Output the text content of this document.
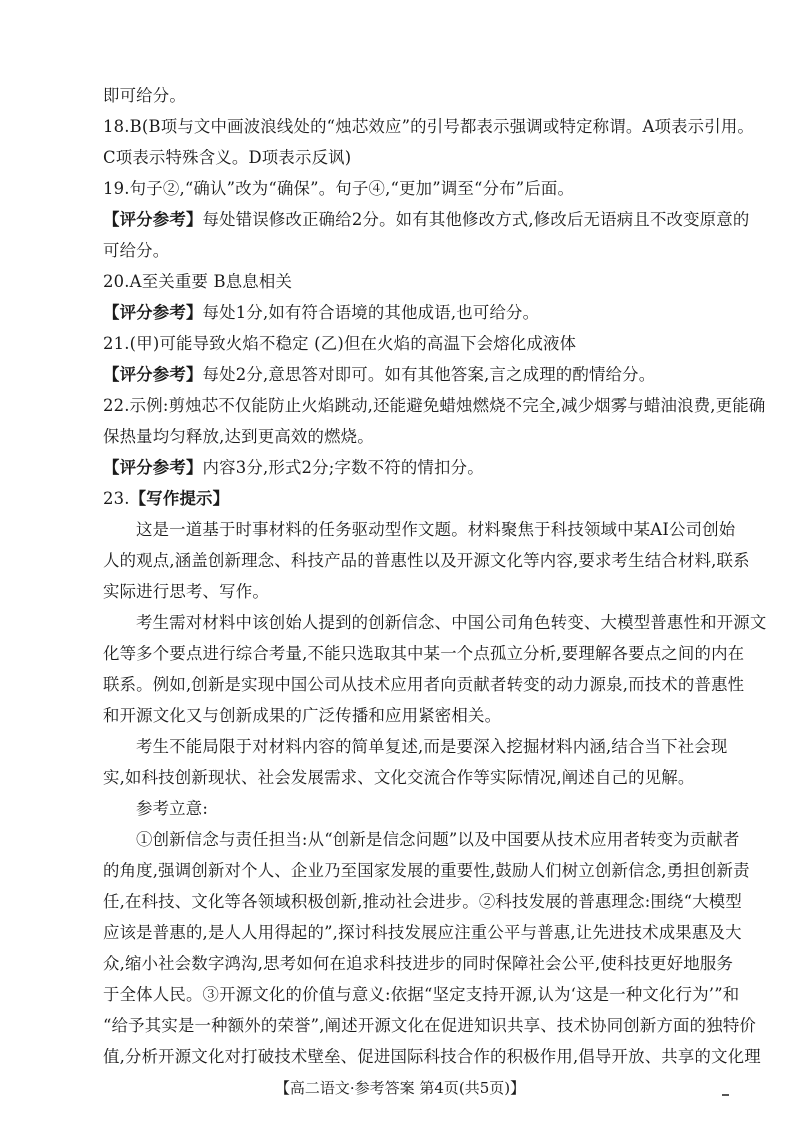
即可给分。
18.B(B项与文中画波浪线处的“烛芯效应”的引号都表示强调或特定称谓。A项表示引用。
C项表示特殊含义。D项表示反讽)
19.句子②,“确认”改为“确保”。句子④,“更加”调至“分布”后面。
【评分参考】每处错误修改正确给2分。如有其他修改方式,修改后无语病且不改变原意的
可给分。
20.A至关重要 B息息相关
【评分参考】每处1分,如有符合语境的其他成语,也可给分。
21.(甲)可能导致火焰不稳定 (乙)但在火焰的高温下会熔化成液体
【评分参考】每处2分,意思答对即可。如有其他答案,言之成理的酌情给分。
22.示例:剪烛芯不仅能防止火焰跳动,还能避免蜡烛燃烧不完全,减少烟雾与蜡油浪费,更能确
保热量均匀释放,达到更高效的燃烧。
【评分参考】内容3分,形式2分;字数不符的情扣分。
23.【写作提示】
这是一道基于时事材料的任务驱动型作文题。材料聚焦于科技领域中某AI公司创始
人的观点,涵盖创新理念、科技产品的普惠性以及开源文化等内容,要求考生结合材料,联系
实际进行思考、写作。
考生需对材料中该创始人提到的创新信念、中国公司角色转变、大模型普惠性和开源文
化等多个要点进行综合考量,不能只选取其中某一个点孤立分析,要理解各要点之间的内在
联系。例如,创新是实现中国公司从技术应用者向贡献者转变的动力源泉,而技术的普惠性
和开源文化又与创新成果的广泛传播和应用紧密相关。
考生不能局限于对材料内容的简单复述,而是要深入挖掘材料内涵,结合当下社会现
实,如科技创新现状、社会发展需求、文化交流合作等实际情况,阐述自己的见解。
参考立意:
①创新信念与责任担当:从“创新是信念问题”以及中国要从技术应用者转变为贡献者
的角度,强调创新对个人、企业乃至国家发展的重要性,鼓励人们树立创新信念,勇担创新责
任,在科技、文化等各领域积极创新,推动社会进步。②科技发展的普惠理念:围绕“大模型
应该是普惠的,是人人用得起的”,探讨科技发展应注重公平与普惠,让先进技术成果惠及大
众,缩小社会数字鸿沟,思考如何在追求科技进步的同时保障社会公平,使科技更好地服务
于全体人民。③开源文化的价值与意义:依据“坚定支持开源,认为‘这是一种文化行为’”和
“给予其实是一种额外的荣誉”,阐述开源文化在促进知识共享、技术协同创新方面的独特价
值,分析开源文化对打破技术壁垒、促进国际科技合作的积极作用,倡导开放、共享的文化理
【高二语文·参考答案 第4页(共5页)】
